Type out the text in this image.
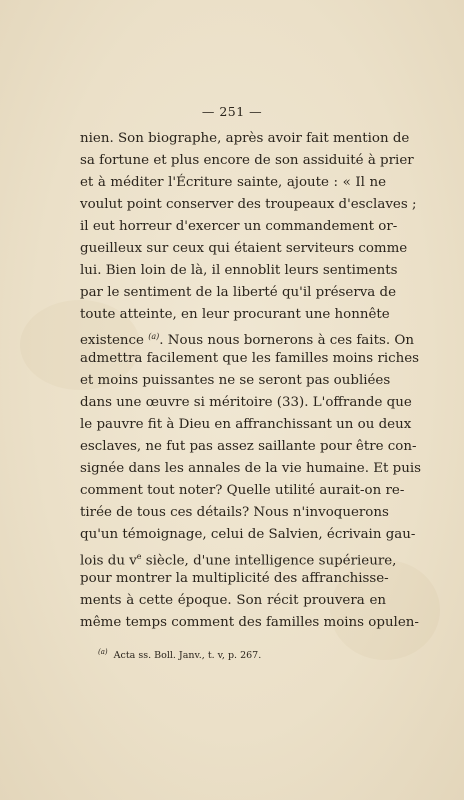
— 251 —
nien. Son biographe, après avoir fait mention de
sa fortune et plus encore de son assiduité à prier
et à méditer l'Écriture sainte, ajoute : « Il ne
voulut point conserver des troupeaux d'esclaves ;
il eut horreur d'exercer un commandement or-
gueilleux sur ceux qui étaient serviteurs comme
lui. Bien loin de là, il ennoblit leurs sentiments
par le sentiment de la liberté qu'il préserva de
toute atteinte, en leur procurant une honnête
existence $^{(a)}$. Nous nous bornerons à ces faits. On
admettra facilement que les familles moins riches
et moins puissantes ne se seront pas oubliées
dans une œuvre si méritoire (33). L'offrande que
le pauvre fit à Dieu en affranchissant un ou deux
esclaves, ne fut pas assez saillante pour être con-
signée dans les annales de la vie humaine. Et puis
comment tout noter? Quelle utilité aurait-on re-
tirée de tous ces détails? Nous n'invoquerons
qu'un témoignage, celui de Salvien, écrivain gau-
lois du $v^e$ siècle, d'une intelligence supérieure,
pour montrer la multiplicité des affranchisse-
ments à cette époque. Son récit prouvera en
même temps comment des familles moins opulen-
$^{(a)}$ Acta ss. Boll. Janv., t. v, p. 267.
